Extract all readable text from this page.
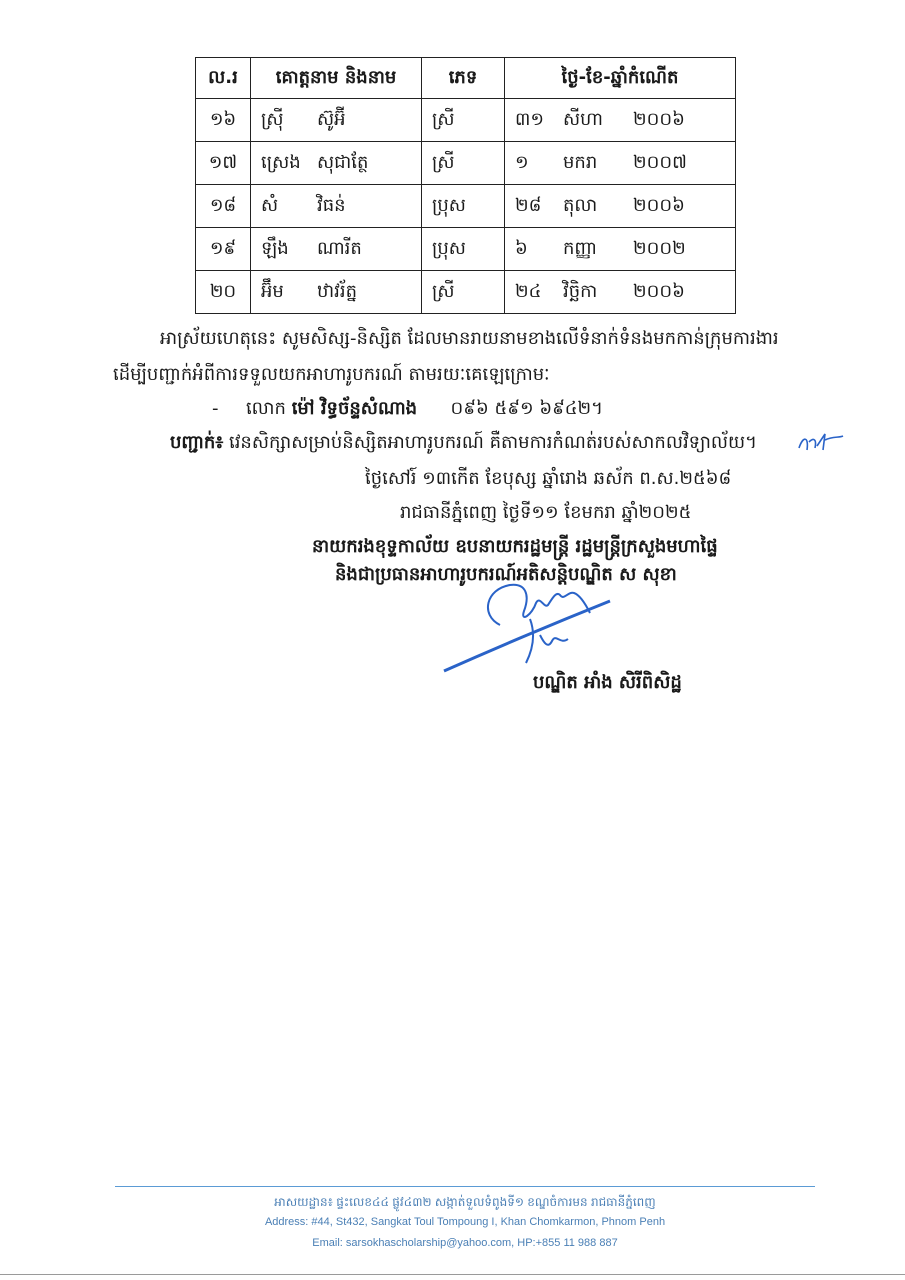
ល.រ	គោត្តនាម និងនាម	ភេទ	ថ្ងៃ-ខែ-ឆ្នាំកំណើត
១៦	ស្រ៊ី ស៊ូអ៊ី	ស្រី	៣១ សីហា ២០០៦
១៧	ស្រេង សុជាត្ថែ	ស្រី	១ មករា ២០០៧
១៨	សំ វិធន់	ប្រុស	២៨ តុលា ២០០៦
១៩	ឡឹង ណារីត	ប្រុស	៦ កញ្ញា ២០០២
២០	អ៊ឹម ឋាវរ័ត្ន	ស្រី	២៤ វិច្ឆិកា ២០០៦
អាស្រ័យហេតុនេះ សូមសិស្ស-និស្សិត ដែលមានរាយនាមខាងលើទំនាក់ទំនងមកកាន់ក្រុមការងារ
ដើម្បីបញ្ជាក់អំពីការទទួលយកអាហារូបករណ៍ តាមរយៈគេឡេក្រោមៈ
- លោក ម៉ៅ វិទ្ធច័ន្ទសំណាង ០៩៦ ៥៩១ ៦៩៤២។
បញ្ជាក់៖ វេនសិក្សាសម្រាប់និស្សិតអាហារូបករណ៍ គឺតាមការកំណត់របស់សាកលវិទ្យាល័យ។
ថ្ងៃសៅរ៍ ១៣កើត ខែបុស្ស ឆ្នាំរោង ឆស័ក ព.ស.២៥៦៨
រាជធានីភ្នំពេញ ថ្ងៃទី១១ ខែមករា ឆ្នាំ២០២៥
នាយករងខុទ្ទកាល័យ ឧបនាយករដ្ឋមន្ត្រី រដ្ឋមន្ត្រីក្រសួងមហាផ្ទៃ
និងជាប្រធានអាហារូបករណ៍អតិសន្តិបណ្ឌិត ស សុខា
បណ្ឌិត អាំង សិរីពិសិដ្ឋ
អាសយដ្ឋាន៖ ផ្ទះលេខ៤៤ ផ្លូវ៤៣២ សង្កាត់ទួលទំពូងទី១ ខណ្ឌចំការមន រាជធានីភ្នំពេញ
Address: #44, St432, Sangkat Toul Tompoung I, Khan Chomkarmon, Phnom Penh
Email: sarsokhascholarship@yahoo.com, HP:+855 11 988 887
